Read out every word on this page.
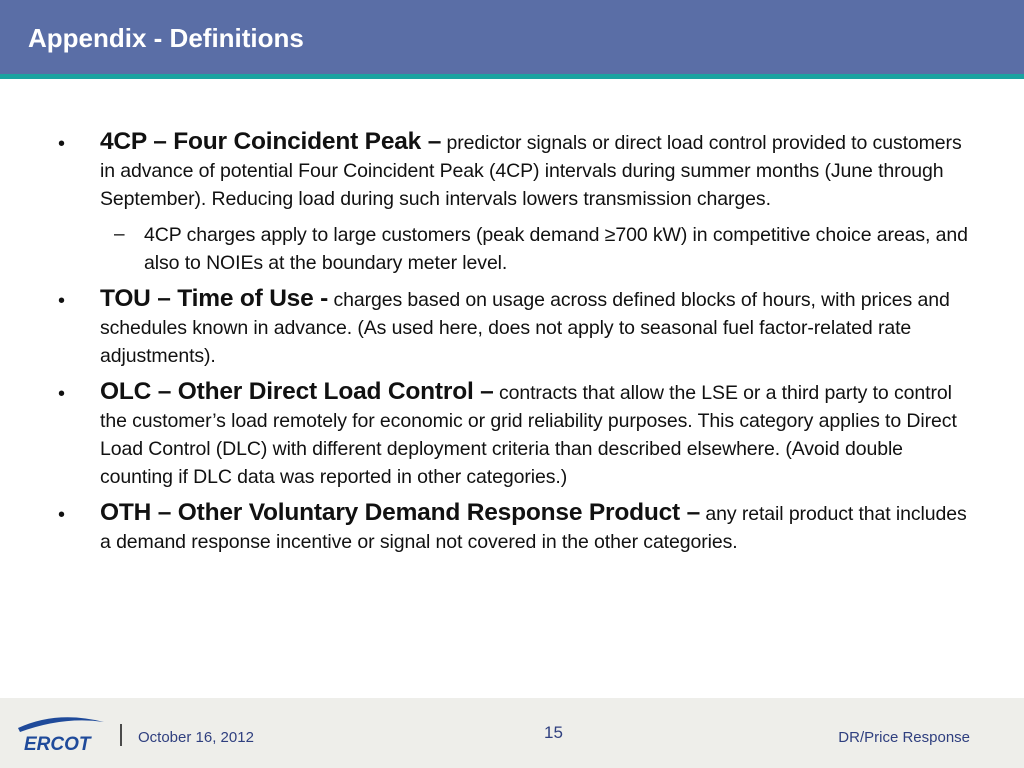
Appendix - Definitions
•	4CP – Four Coincident Peak – predictor signals or direct load control provided to customers in advance of potential Four Coincident Peak (4CP) intervals during summer months (June through September). Reducing load during such intervals lowers transmission charges.
– 4CP charges apply to large customers (peak demand ≥700 kW) in competitive choice areas, and also to NOIEs at the boundary meter level.
•	TOU – Time of Use - charges based on usage across defined blocks of hours, with prices and schedules known in advance. (As used here, does not apply to seasonal fuel factor-related rate adjustments).
•	OLC – Other Direct Load Control – contracts that allow the LSE or a third party to control the customer’s load remotely for economic or grid reliability purposes. This category applies to Direct Load Control (DLC) with different deployment criteria than described elsewhere. (Avoid double counting if DLC data was reported in other categories.)
•	OTH – Other Voluntary Demand Response Product – any retail product that includes a demand response incentive or signal not covered in the other categories.
ERCOT	October 16, 2012	15	DR/Price Response
